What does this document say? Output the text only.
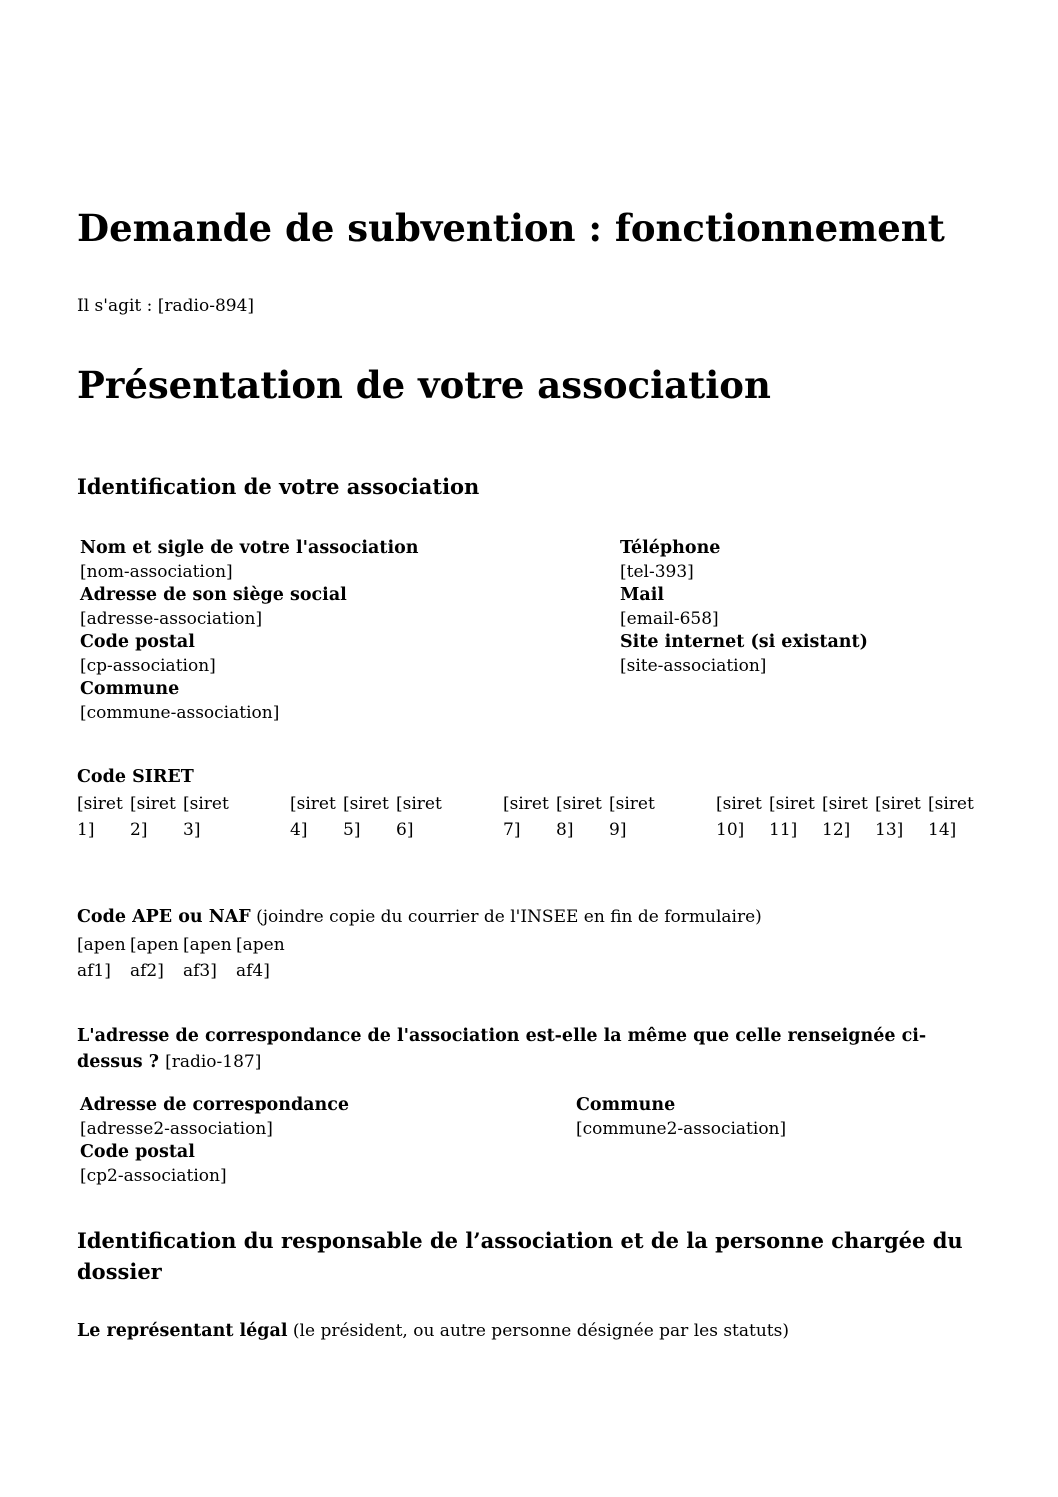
Demande de subvention : fonctionnement
Il s'agit : [radio-894]
Présentation de votre association
Identification de votre association
Nom et sigle de votre l'association
[nom-association]
Adresse de son siège social
[adresse-association]
Code postal
[cp-association]
Commune
[commune-association]
Téléphone
[tel-393]
Mail
[email-658]
Site internet (si existant)
[site-association]
Code SIRET
[siret
1]
[siret
2]
[siret
3]
[siret
4]
[siret
5]
[siret
6]
[siret
7]
[siret
8]
[siret
9]
[siret
10]
[siret
11]
[siret
12]
[siret
13]
[siret
14]
Code APE ou NAF (joindre copie du courrier de l'INSEE en fin de formulaire)
[apen
af1]
[apen
af2]
[apen
af3]
[apen
af4]
L'adresse de correspondance de l'association est-elle la même que celle renseignée ci-
dessus ? [radio-187]
Adresse de correspondance
[adresse2-association]
Code postal
[cp2-association]
Commune
[commune2-association]
Identification du responsable de l’association et de la personne chargée du
dossier
Le représentant légal (le président, ou autre personne désignée par les statuts)
